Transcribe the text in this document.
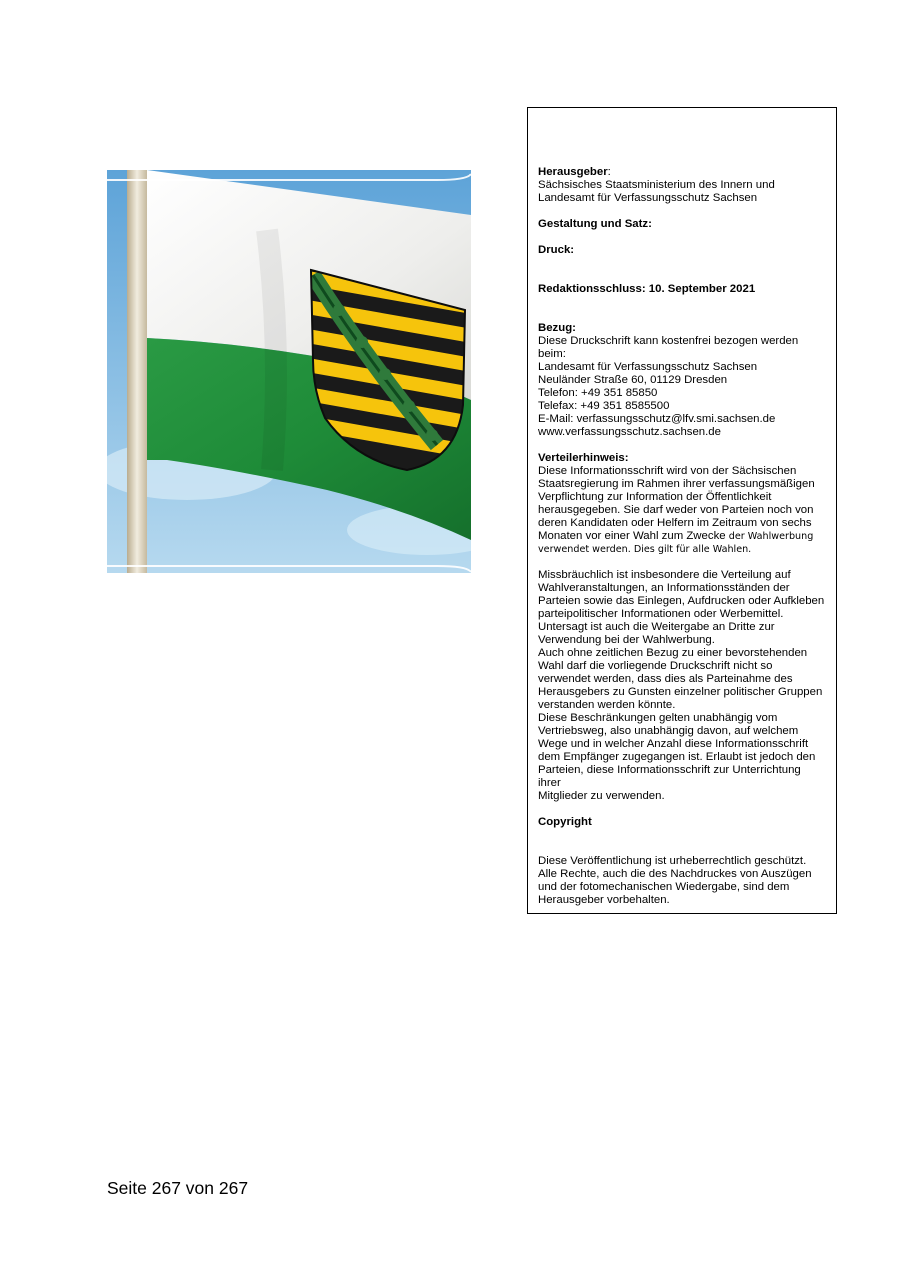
Herausgeber:

Sächsisches Staatsministerium des Innern und

Landesamt für Verfassungsschutz Sachsen

Gestaltung und Satz:

Druck:

Redaktionsschluss: 10. September 2021

Bezug:

Diese Druckschrift kann kostenfrei bezogen werden

beim:

Landesamt für Verfassungsschutz Sachsen

Neuländer Straße 60, 01129 Dresden

Telefon: +49 351 85850

Telefax: +49 351 8585500

E-Mail: verfassungsschutz@lfv.smi.sachsen.de

www.verfassungsschutz.sachsen.de

Verteilerhinweis:

Diese Informationsschrift wird von der Sächsischen

Staatsregierung im Rahmen ihrer verfassungsmäßigen

Verpflichtung zur Information der Öffentlichkeit

herausgegeben. Sie darf weder von Parteien noch von

deren Kandidaten oder Helfern im Zeitraum von sechs

Monaten vor einer Wahl zum Zwecke der Wahlwerbung

verwendet werden. Dies gilt für alle Wahlen.

Missbräuchlich ist insbesondere die Verteilung auf

Wahlveranstaltungen, an Informationsständen der

Parteien sowie das Einlegen, Aufdrucken oder Aufkleben

parteipolitischer Informationen oder Werbemittel.

Untersagt ist auch die Weitergabe an Dritte zur

Verwendung bei der Wahlwerbung.

Auch ohne zeitlichen Bezug zu einer bevorstehenden

Wahl darf die vorliegende Druckschrift nicht so

verwendet werden, dass dies als Parteinahme des

Herausgebers zu Gunsten einzelner politischer Gruppen

verstanden werden könnte.

Diese Beschränkungen gelten unabhängig vom

Vertriebsweg, also unabhängig davon, auf welchem

Wege und in welcher Anzahl diese Informationsschrift

dem Empfänger zugegangen ist. Erlaubt ist jedoch den

Parteien, diese Informationsschrift zur Unterrichtung ihrer

Mitglieder zu verwenden.

Copyright

Diese Veröffentlichung ist urheberrechtlich geschützt.

Alle Rechte, auch die des Nachdruckes von Auszügen

und der fotomechanischen Wiedergabe, sind dem

Herausgeber vorbehalten.

Seite 267 von 267
